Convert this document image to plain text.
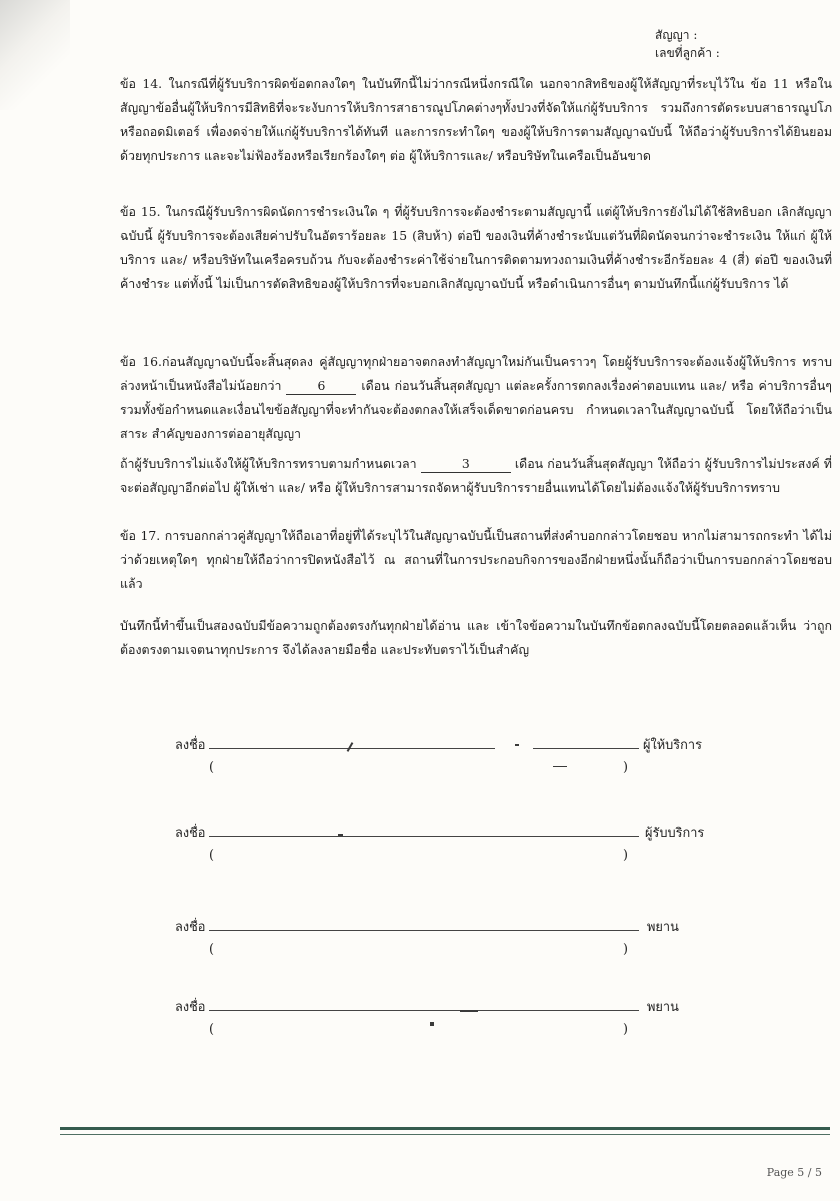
สัญญา :
เลขที่ลูกค้า :

ข้อ 14. ในกรณีที่ผู้รับบริการผิดข้อตกลงใดๆ ในบันทึกนี้ไม่ว่ากรณีหนึ่งกรณีใด นอกจากสิทธิของผู้ให้สัญญาที่ระบุไว้ใน ข้อ 11 หรือในสัญญาข้ออื่นผู้ให้บริการมีสิทธิที่จะระงับการให้บริการสาธารณูปโภคต่างๆทั้งปวงที่จัดให้แก่ผู้รับบริการ รวมถึงการตัดระบบสาธารณูปโภ หรือถอดมิเตอร์ เพื่องดจ่ายให้แก่ผู้รับบริการได้ทันที และการกระทำใดๆ ของผู้ให้บริการตามสัญญาฉบับนี้ ให้ถือว่าผู้รับบริการได้ยินยอม ด้วยทุกประการ และจะไม่ฟ้องร้องหรือเรียกร้องใดๆ ต่อ ผู้ให้บริการและ/ หรือบริษัทในเครือเป็นอันขาด

ข้อ 15. ในกรณีผู้รับบริการผิดนัดการชำระเงินใด ๆ ที่ผู้รับบริการจะต้องชำระตามสัญญานี้ แต่ผู้ให้บริการยังไม่ได้ใช้สิทธิบอก เลิกสัญญาฉบับนี้ ผู้รับบริการจะต้องเสียค่าปรับในอัตราร้อยละ 15 (สิบห้า) ต่อปี ของเงินที่ค้างชำระนับแต่วันที่ผิดนัดจนกว่าจะชำระเงิน ให้แก่ ผู้ให้บริการ และ/ หรือบริษัทในเครือครบถ้วน กับจะต้องชำระค่าใช้จ่ายในการติดตามทวงถามเงินที่ค้างชำระอีกร้อยละ 4 (สี่) ต่อปี ของเงินที่ค้างชำระ แต่ทั้งนี้ ไม่เป็นการตัดสิทธิของผู้ให้บริการที่จะบอกเลิกสัญญาฉบับนี้ หรือดำเนินการอื่นๆ ตามบันทึกนี้แก่ผู้รับบริการ ได้

ข้อ 16.ก่อนสัญญาฉบับนี้จะสิ้นสุดลง คู่สัญญาทุกฝ่ายอาจตกลงทำสัญญาใหม่กันเป็นคราวๆ โดยผู้รับบริการจะต้องแจ้งผู้ให้บริการ ทราบล่วงหน้าเป็นหนังสือไม่น้อยกว่า	6	เดือน ก่อนวันสิ้นสุดสัญญา แต่ละครั้งการตกลงเรื่องค่าตอบแทน และ/ หรือ ค่าบริการอื่นๆ รวมทั้งข้อกำหนดและเงื่อนไขข้อสัญญาที่จะทำกันจะต้องตกลงให้เสร็จเด็ดขาดก่อนครบ กำหนดเวลาในสัญญาฉบับนี้ โดยให้ถือว่าเป็นสาระ สำคัญของการต่ออายุสัญญา

ถ้าผู้รับบริการไม่แจ้งให้ผู้ให้บริการทราบตามกำหนดเวลา	3	เดือน ก่อนวันสิ้นสุดสัญญา ให้ถือว่า ผู้รับบริการไม่ประสงค์ ที่จะต่อสัญญาอีกต่อไป ผู้ให้เช่า และ/ หรือ ผู้ให้บริการสามารถจัดหาผู้รับบริการรายอื่นแทนได้โดยไม่ต้องแจ้งให้ผู้รับบริการทราบ

ข้อ 17. การบอกกล่าวคู่สัญญาให้ถือเอาที่อยู่ที่ได้ระบุไว้ในสัญญาฉบับนี้เป็นสถานที่ส่งคำบอกกล่าวโดยชอบ หากไม่สามารถกระทำ ได้ไม่ว่าด้วยเหตุใดๆ ทุกฝ่ายให้ถือว่าการปิดหนังสือไว้ ณ สถานที่ในการประกอบกิจการของอีกฝ่ายหนึ่งนั้นก็ถือว่าเป็นการบอกกล่าวโดยชอบแล้ว

บันทึกนี้ทำขึ้นเป็นสองฉบับมีข้อความถูกต้องตรงกันทุกฝ่ายได้อ่าน และ เข้าใจข้อความในบันทึกข้อตกลงฉบับนี้โดยตลอดแล้วเห็น ว่าถูกต้องตรงตามเจตนาทุกประการ จึงได้ลงลายมือชื่อ และประทับตราไว้เป็นสำคัญ

ลงชื่อ	ผู้ให้บริการ
(	)
ลงชื่อ	ผู้รับบริการ
(	)
ลงชื่อ	พยาน
(	)
ลงชื่อ	พยาน
(	)
Page 5 / 5
